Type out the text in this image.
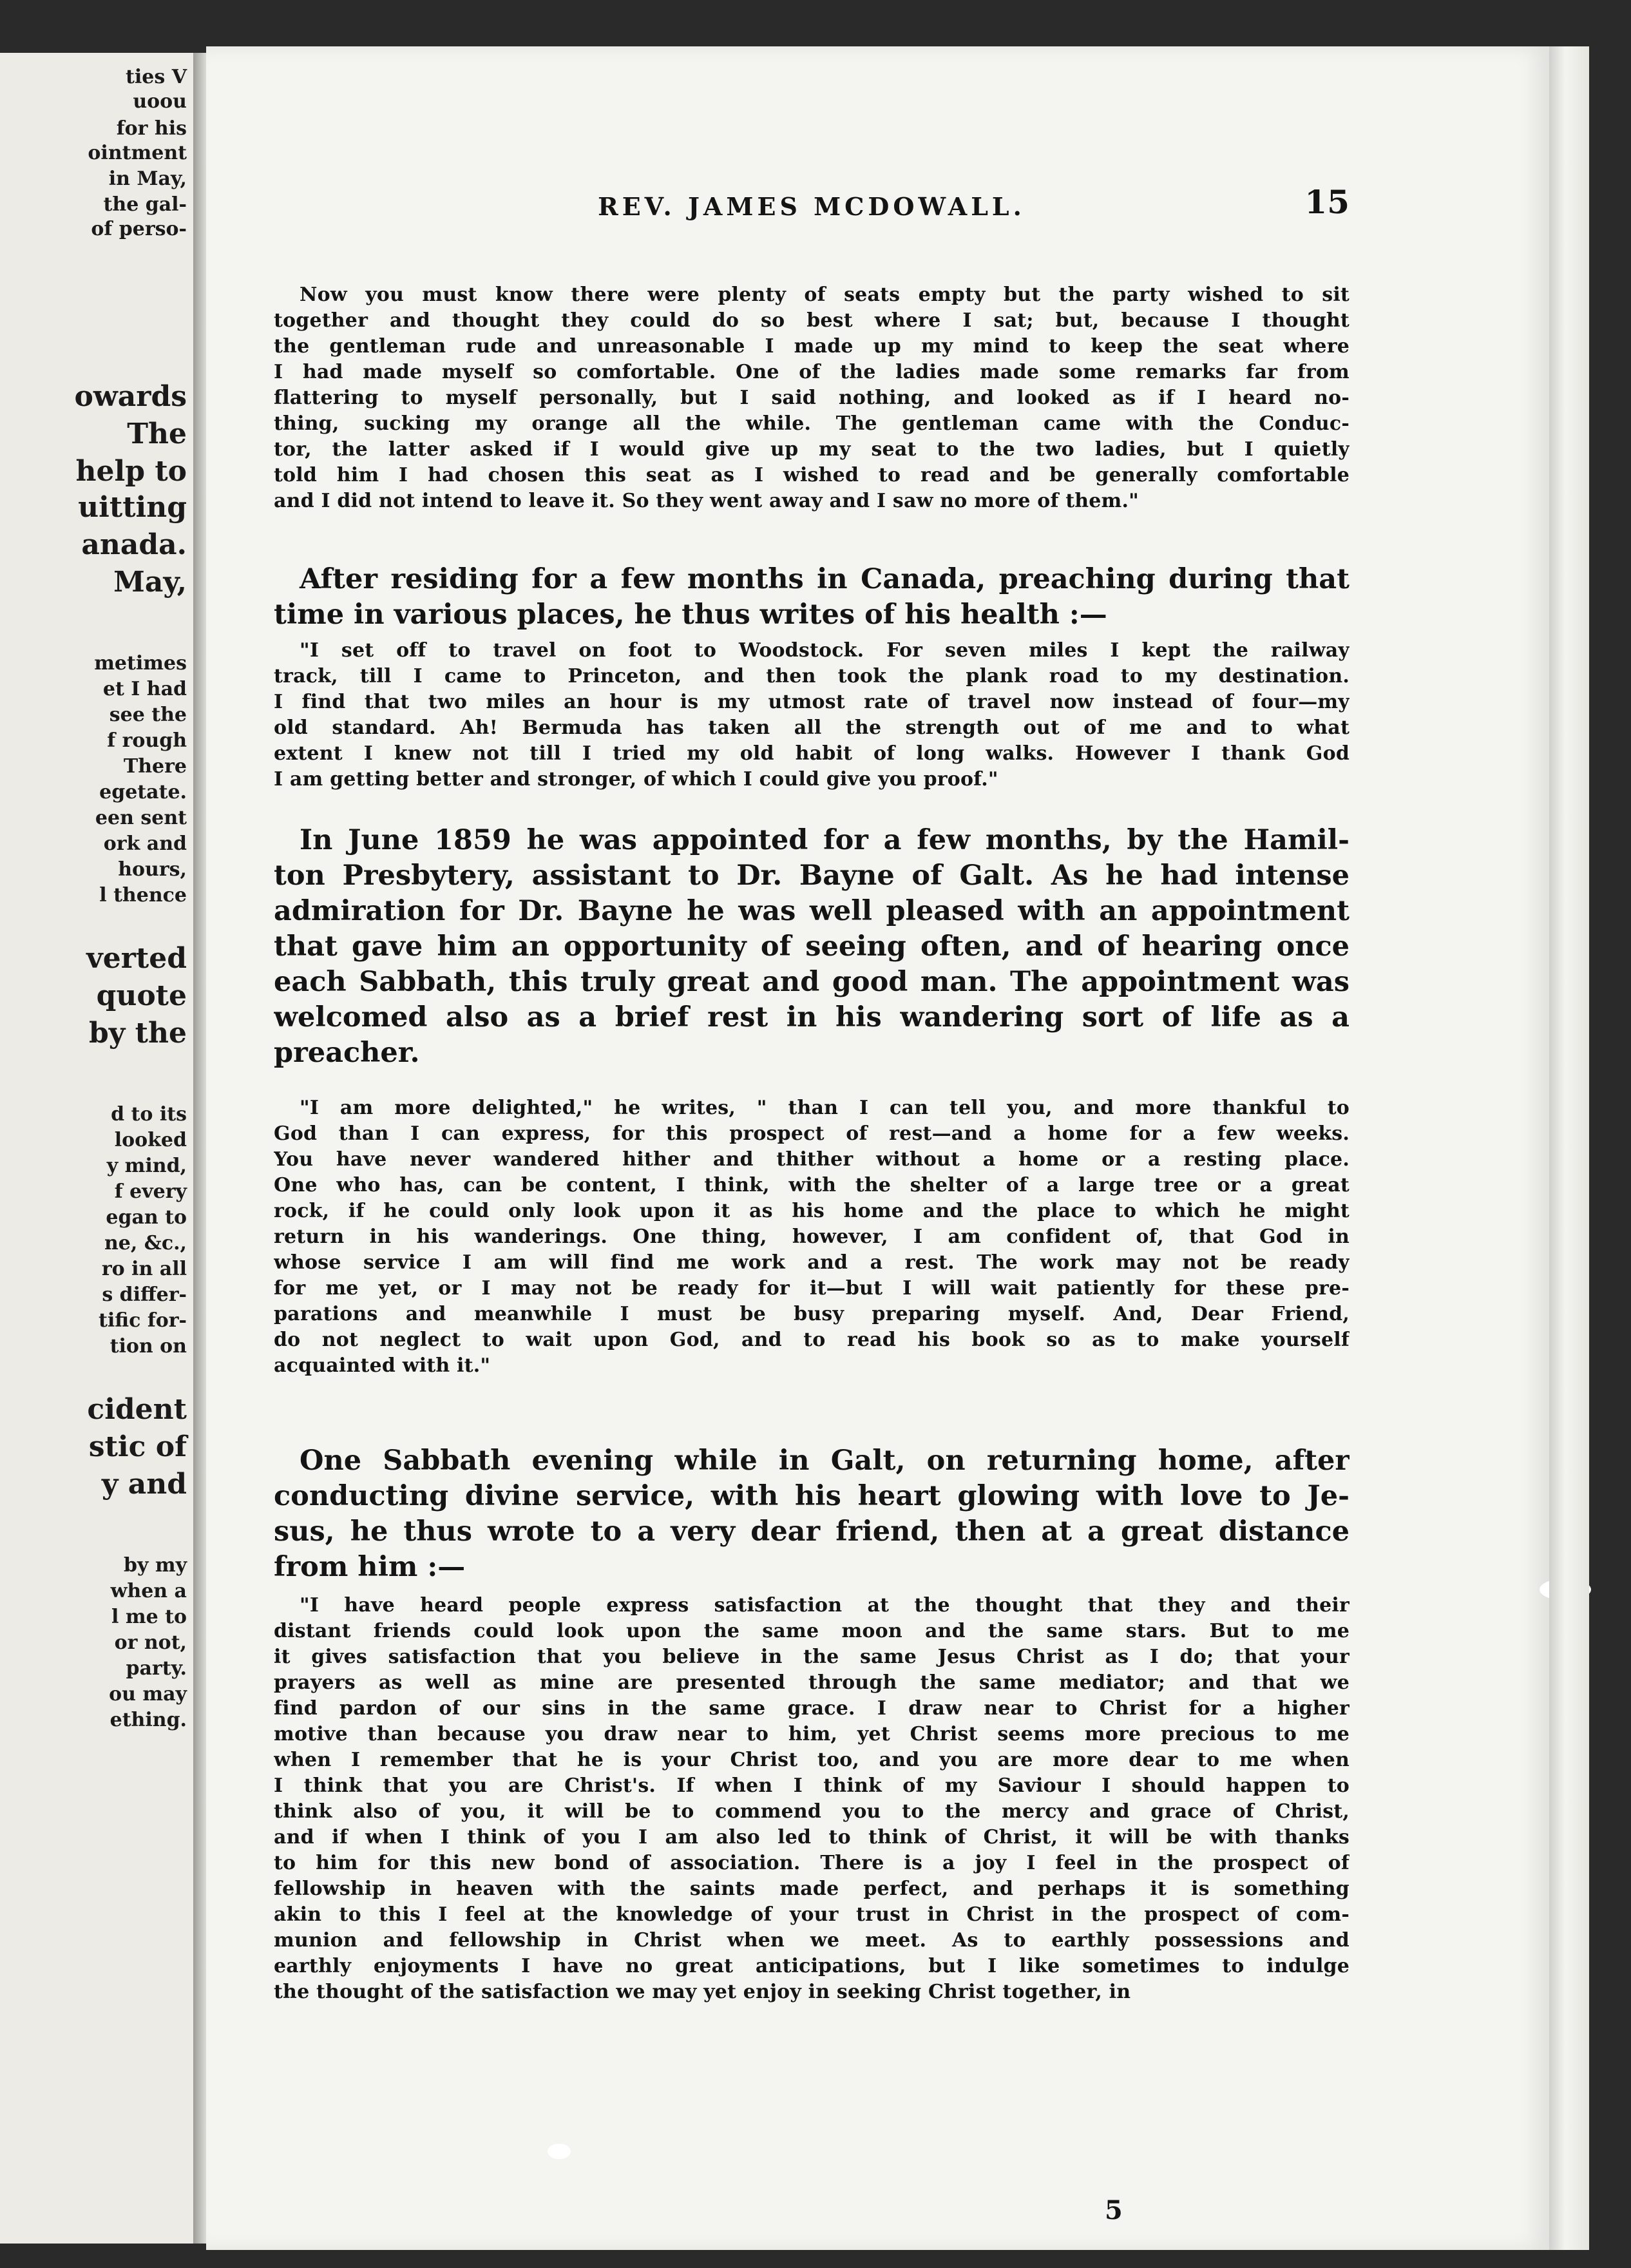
ties V
uoou
for his
ointment
in May,
the gal-
of perso-
owards
The
help to
uitting
anada.
May,
metimes
et I had
see the
f rough
There
egetate.
een sent
ork and
hours,
l thence
verted
quote
by the
d to its
looked
y mind,
f every
egan to
ne, &c.,
ro in all
s differ-
tific for-
tion on
cident
stic of
y and
by my
when a
l me to
or not,
party.
ou may
ething.
REV. JAMES MCDOWALL.	15
Now you must know there were plenty of seats empty but the party wished to sit
together and thought they could do so best where I sat; but, because I thought
the gentleman rude and unreasonable I made up my mind to keep the seat where
I had made myself so comfortable. One of the ladies made some remarks far from
flattering to myself personally, but I said nothing, and looked as if I heard no-
thing, sucking my orange all the while. The gentleman came with the Conduc-
tor, the latter asked if I would give up my seat to the two ladies, but I quietly
told him I had chosen this seat as I wished to read and be generally comfortable
and I did not intend to leave it. So they went away and I saw no more of them."
After residing for a few months in Canada, preaching during that
time in various places, he thus writes of his health :—
"I set off to travel on foot to Woodstock. For seven miles I kept the railway
track, till I came to Princeton, and then took the plank road to my destination.
I find that two miles an hour is my utmost rate of travel now instead of four—my
old standard. Ah! Bermuda has taken all the strength out of me and to what
extent I knew not till I tried my old habit of long walks. However I thank God
I am getting better and stronger, of which I could give you proof."
In June 1859 he was appointed for a few months, by the Hamil-
ton Presbytery, assistant to Dr. Bayne of Galt. As he had intense
admiration for Dr. Bayne he was well pleased with an appointment
that gave him an opportunity of seeing often, and of hearing once
each Sabbath, this truly great and good man. The appointment was
welcomed also as a brief rest in his wandering sort of life as a
preacher.
"I am more delighted," he writes, " than I can tell you, and more thankful to
God than I can express, for this prospect of rest—and a home for a few weeks.
You have never wandered hither and thither without a home or a resting place.
One who has, can be content, I think, with the shelter of a large tree or a great
rock, if he could only look upon it as his home and the place to which he might
return in his wanderings. One thing, however, I am confident of, that God in
whose service I am will find me work and a rest. The work may not be ready
for me yet, or I may not be ready for it—but I will wait patiently for these pre-
parations and meanwhile I must be busy preparing myself. And, Dear Friend,
do not neglect to wait upon God, and to read his book so as to make yourself
acquainted with it."
One Sabbath evening while in Galt, on returning home, after
conducting divine service, with his heart glowing with love to Je-
sus, he thus wrote to a very dear friend, then at a great distance
from him :—
"I have heard people express satisfaction at the thought that they and their
distant friends could look upon the same moon and the same stars. But to me
it gives satisfaction that you believe in the same Jesus Christ as I do; that your
prayers as well as mine are presented through the same mediator; and that we
find pardon of our sins in the same grace. I draw near to Christ for a higher
motive than because you draw near to him, yet Christ seems more precious to me
when I remember that he is your Christ too, and you are more dear to me when
I think that you are Christ's. If when I think of my Saviour I should happen to
think also of you, it will be to commend you to the mercy and grace of Christ,
and if when I think of you I am also led to think of Christ, it will be with thanks
to him for this new bond of association. There is a joy I feel in the prospect of
fellowship in heaven with the saints made perfect, and perhaps it is something
akin to this I feel at the knowledge of your trust in Christ in the prospect of com-
munion and fellowship in Christ when we meet. As to earthly possessions and
earthly enjoyments I have no great anticipations, but I like sometimes to indulge
the thought of the satisfaction we may yet enjoy in seeking Christ together, in
5
